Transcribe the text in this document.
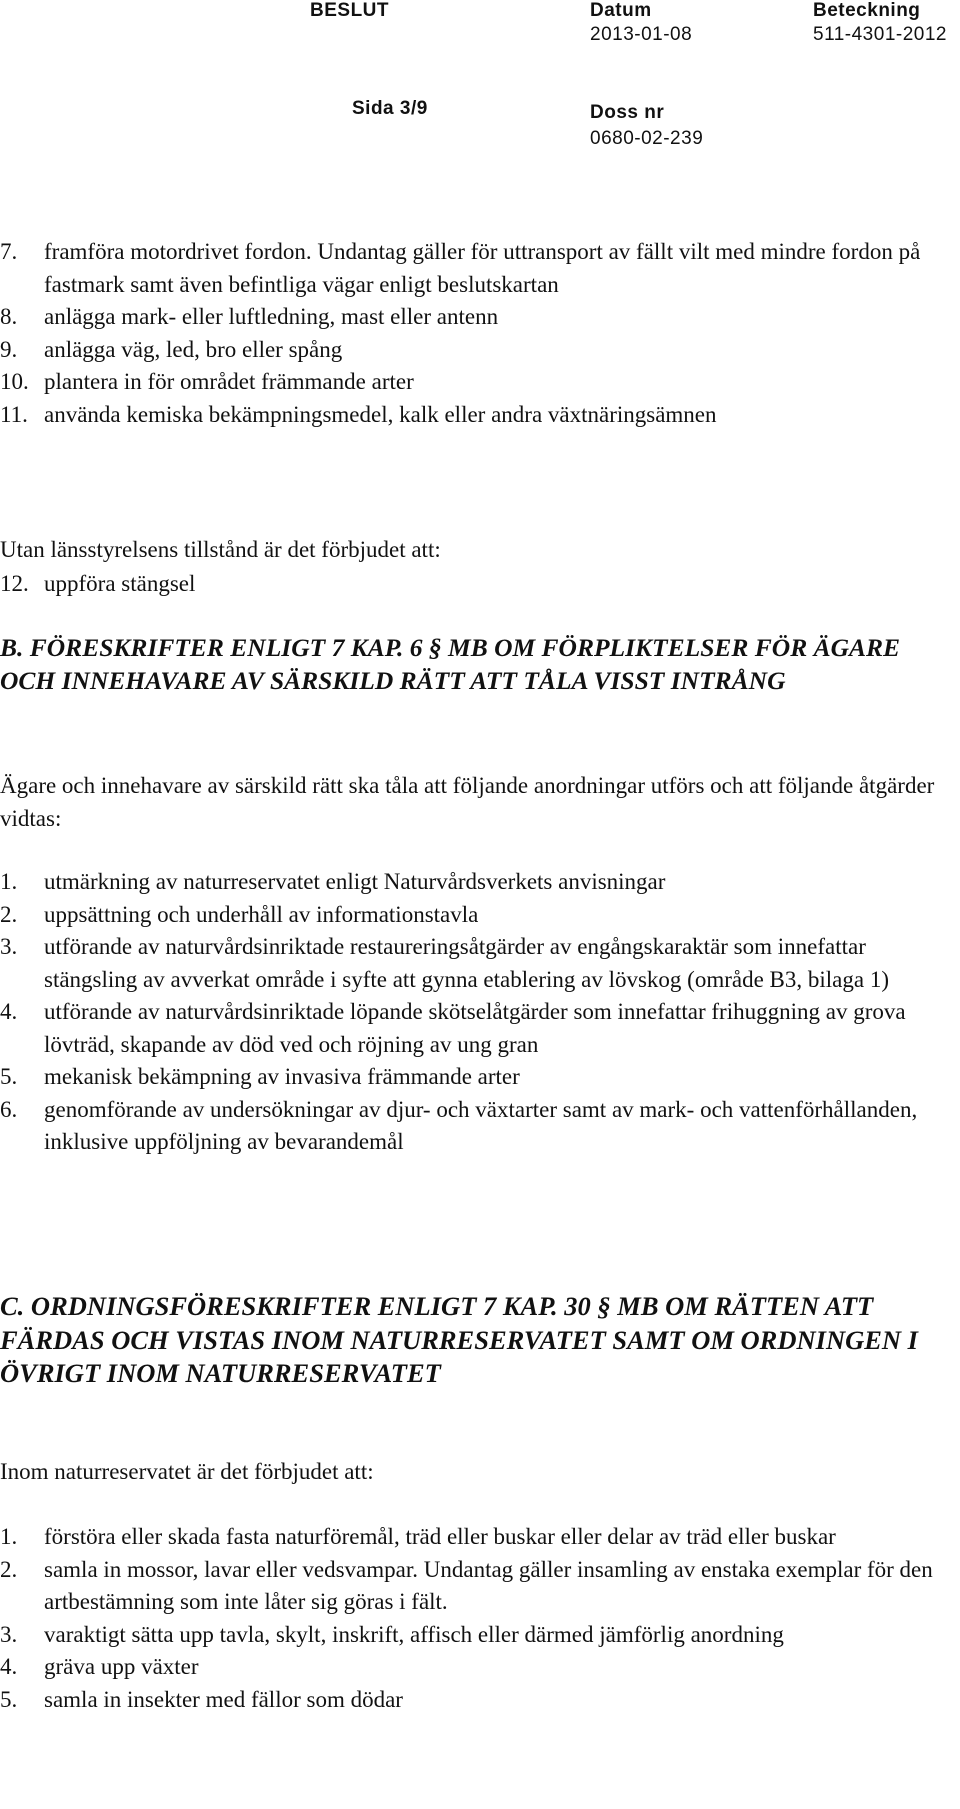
BESLUT	Datum
2013-01-08
Beteckning
511-4301-2012
Sida 3/9	Doss nr
0680-02-239
7.	framföra motordrivet fordon. Undantag gäller för uttransport av fällt vilt med mindre fordon på fastmark samt även befintliga vägar enligt beslutskartan
8.	anlägga mark- eller luftledning, mast eller antenn
9.	anlägga väg, led, bro eller spång
10. plantera in för området främmande arter
11. använda kemiska bekämpningsmedel, kalk eller andra växtnäringsämnen
Utan länsstyrelsens tillstånd är det förbjudet att:
12. uppföra stängsel
B. FÖRESKRIFTER ENLIGT 7 KAP. 6 § MB OM FÖRPLIKTELSER FÖR ÄGARE OCH INNEHAVARE AV SÄRSKILD RÄTT ATT TÅLA VISST INTRÅNG
Ägare och innehavare av särskild rätt ska tåla att följande anordningar utförs och att följande åtgärder vidtas:
1.	utmärkning av naturreservatet enligt Naturvårdsverkets anvisningar
2.	uppsättning och underhåll av informationstavla
3.	utförande av naturvårdsinriktade restaureringsåtgärder av engångskaraktär som innefattar stängsling av avverkat område i syfte att gynna etablering av lövskog (område B3, bilaga 1)
4.	utförande av naturvårdsinriktade löpande skötselåtgärder som innefattar frihuggning av grova lövträd, skapande av död ved och röjning av ung gran
5.	mekanisk bekämpning av invasiva främmande arter
6.	genomförande av undersökningar av djur- och växtarter samt av mark- och vattenförhållanden, inklusive uppföljning av bevarandemål
C. ORDNINGSFÖRESKRIFTER ENLIGT 7 KAP. 30 § MB OM RÄTTEN ATT FÄRDAS OCH VISTAS INOM NATURRESERVATET SAMT OM ORDNINGEN I ÖVRIGT INOM NATURRESERVATET
Inom naturreservatet är det förbjudet att:
1.	förstöra eller skada fasta naturföremål, träd eller buskar eller delar av träd eller buskar
2.	samla in mossor, lavar eller vedsvampar. Undantag gäller insamling av enstaka exemplar för den artbestämning som inte låter sig göras i fält.
3.	varaktigt sätta upp tavla, skylt, inskrift, affisch eller därmed jämförlig anordning
4.	gräva upp växter
5.	samla in insekter med fällor som dödar
